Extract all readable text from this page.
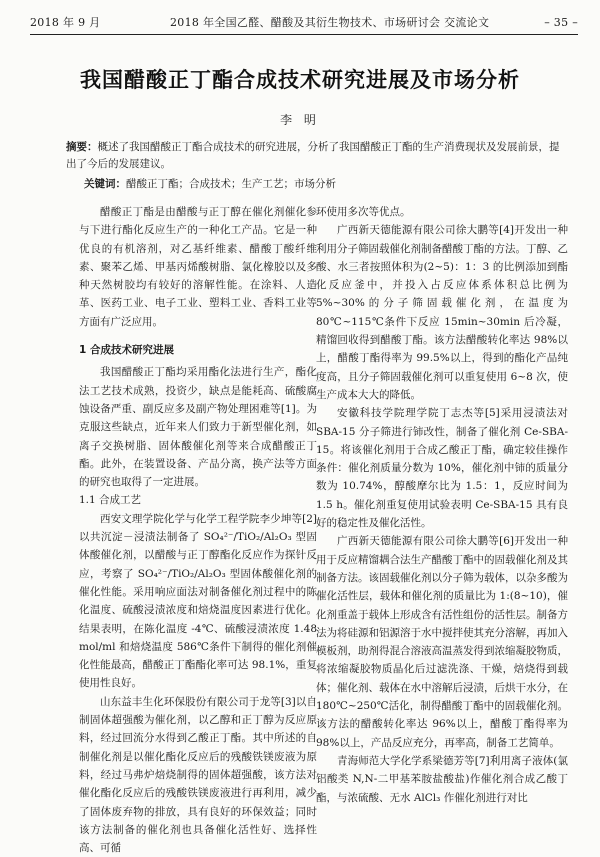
2018 年 9 月	2018 年全国乙醛、醋酸及其衍生物技术、市场研讨会 交流论文	– 35 –
我国醋酸正丁酯合成技术研究进展及市场分析
李 明

摘要：概述了我国醋酸正丁酯合成技术的研究进展，分析了我国醋酸正丁酯的生产消费现状及发展前景，提出了今后的发展建议。

关键词：醋酸正丁酯；合成技术；生产工艺；市场分析

醋酸正丁酯是由醋酸与正丁醇在催化剂催化参与下进行酯化反应生产的一种化工产品。它是一种优良的有机溶剂，对乙基纤维素、醋酸丁酸纤维素、聚苯乙烯、甲基丙烯酸树脂、氯化橡胶以及多种天然树胶均有较好的溶解性能。在涂料、人造革、医药工业、电子工业、塑料工业、香料工业等方面有广泛应用。

1 合成技术研究进展

我国醋酸正丁酯均采用酯化法进行生产，酯化法工艺技术成熟，投资少，缺点是能耗高、硫酸腐蚀设备严重、副反应多及副产物处理困难等[1]。为克服这些缺点，近年来人们致力于新型催化剂，如离子交换树脂、固体酸催化剂等来合成醋酸正丁酯。此外，在装置设备、产品分离，换产法等方面的研究也取得了一定进展。

1.1 合成工艺

西安文理学院化学与化学工程学院李少坤等[2]以共沉淀－浸渍法制备了 SO₄²⁻/TiO₂/Al₂O₃ 型固体酸催化剂，以醋酸与正丁醇酯化反应作为探针反应，考察了 SO₄²⁻/TiO₂/Al₂O₃ 型固体酸催化剂的催化性能。采用响应面法对制备催化剂过程中的陈化温度、硫酸浸渍浓度和焙烧温度因素进行优化。结果表明，在陈化温度 -4℃、硫酸浸渍浓度 1.48 mol/ml 和焙烧温度 586℃条件下制得的催化剂催化性能最高，醋酸正丁酯酯化率可达 98.1%，重复使用性良好。

山东益丰生化环保股份有限公司于龙等[3]以自制固体超强酸为催化剂，以乙醇和正丁醇为反应原料，经过回流分水得到乙酸正丁酯。其中所述的自制催化剂是以催化酯化反应后的残酸铁镁废液为原料，经过马弗炉焙烧制得的固体超强酸，该方法对催化酯化反应后的残酸铁镁废液进行再利用，减少了固体废弃物的排放，具有良好的环保效益；同时该方法制备的催化剂也具备催化活性好、选择性高、可循

环使用多次等优点。

广西新天德能源有限公司徐大鹏等[4]开发出一种利用分子筛固载催化剂制备醋酸丁酯的方法。丁醇、乙酸、水三者按照体积为(2~5)：1：3 的比例添加到酯化反应釜中，并投入占反应体系体积总比例为 5%~30%的分子筛固载催化剂，在温度为 80℃~115℃条件下反应 15min~30min 后冷凝，精馏回收得到醋酸丁酯。该方法醋酸转化率达 98%以上，醋酸丁酯得率为 99.5%以上，得到的酯化产品纯度高，且分子筛固载催化剂可以重复使用 6~8 次，使生产成本大大的降低。

安徽科技学院理学院丁志杰等[5]采用浸渍法对 SBA-15 分子筛进行铈改性，制备了催化剂 Ce-SBA-15。将该催化剂用于合成乙酸正丁酯，确定较佳操作条件：催化剂质量分数为 10%，催化剂中铈的质量分数为 10.74%，醇酸摩尔比为 1.5：1，反应时间为 1.5 h。催化剂重复使用试验表明 Ce-SBA-15 具有良好的稳定性及催化活性。

广西新天德能源有限公司徐大鹏等[6]开发出一种用于反应精馏耦合法生产醋酸丁酯中的固载催化剂及其制备方法。该固载催化剂以分子筛为载体，以杂多酸为催化活性层，载体和催化剂的质量比为 1:(8~10)，催化剂重盖于载体上形成含有活性组份的活性层。制备方法为将硅源和铝源溶于水中搅拌使其充分溶解，再加入模板剂，助剂得混合溶液高温蒸发得到浓缩凝胶物质，将浓缩凝胶物质晶化后过滤洗涤、干燥，焙烧得到载体；催化剂、载体在水中溶解后浸渍，后烘干水分，在 180℃~250℃活化，制得醋酸丁酯中的固载催化剂。该方法的醋酸转化率达 96%以上，醋酸丁酯得率为 98%以上，产品反应充分，再率高，制备工艺简单。

青海师范大学化学系梁德芳等[7]利用离子液体(氯铝酸类 N,N-二甲基苯胺盐酸盐)作催化剂合成乙酸丁酯，与浓硫酸、无水 AlCl₃ 作催化剂进行对比
